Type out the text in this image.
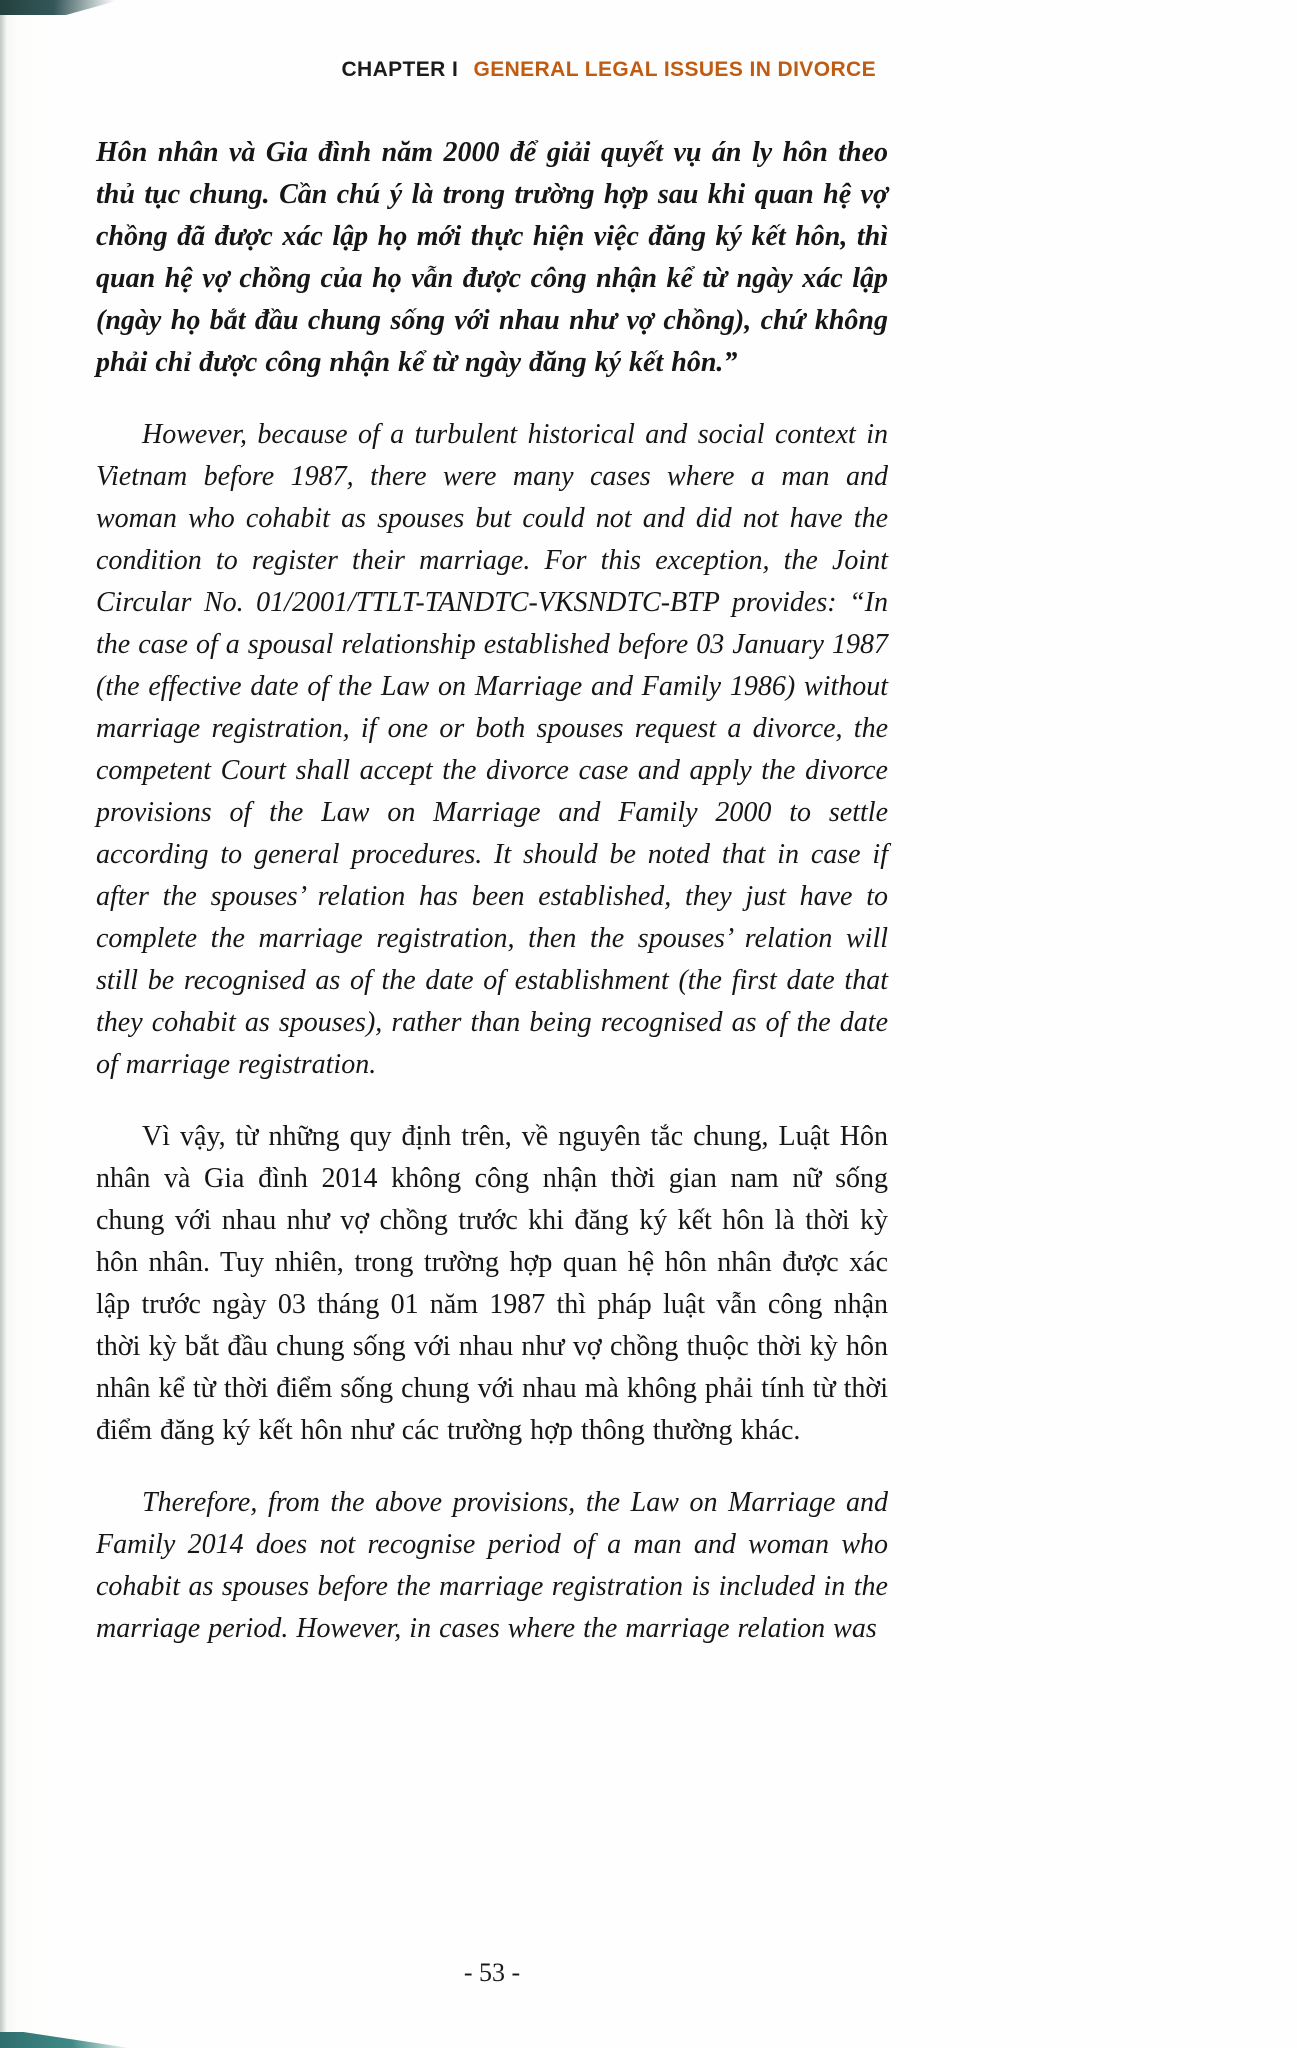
CHAPTER I GENERAL LEGAL ISSUES IN DIVORCE

Hôn nhân và Gia đình năm 2000 để giải quyết vụ án ly hôn theo thủ tục chung. Cần chú ý là trong trường hợp sau khi quan hệ vợ chồng đã được xác lập họ mới thực hiện việc đăng ký kết hôn, thì quan hệ vợ chồng của họ vẫn được công nhận kể từ ngày xác lập (ngày họ bắt đầu chung sống với nhau như vợ chồng), chứ không phải chỉ được công nhận kể từ ngày đăng ký kết hôn.”

However, because of a turbulent historical and social context in Vietnam before 1987, there were many cases where a man and woman who cohabit as spouses but could not and did not have the condition to register their marriage. For this exception, the Joint Circular No. 01/2001/TTLT-TANDTC-VKSNDTC-BTP provides: “In the case of a spousal relationship established before 03 January 1987 (the effective date of the Law on Marriage and Family 1986) without marriage registration, if one or both spouses request a divorce, the competent Court shall accept the divorce case and apply the divorce provisions of the Law on Marriage and Family 2000 to settle according to general procedures. It should be noted that in case if after the spouses’ relation has been established, they just have to complete the marriage registration, then the spouses’ relation will still be recognised as of the date of establishment (the first date that they cohabit as spouses), rather than being recognised as of the date of marriage registration.

Vì vậy, từ những quy định trên, về nguyên tắc chung, Luật Hôn nhân và Gia đình 2014 không công nhận thời gian nam nữ sống chung với nhau như vợ chồng trước khi đăng ký kết hôn là thời kỳ hôn nhân. Tuy nhiên, trong trường hợp quan hệ hôn nhân được xác lập trước ngày 03 tháng 01 năm 1987 thì pháp luật vẫn công nhận thời kỳ bắt đầu chung sống với nhau như vợ chồng thuộc thời kỳ hôn nhân kể từ thời điểm sống chung với nhau mà không phải tính từ thời điểm đăng ký kết hôn như các trường hợp thông thường khác.

Therefore, from the above provisions, the Law on Marriage and Family 2014 does not recognise period of a man and woman who cohabit as spouses before the marriage registration is included in the marriage period. However, in cases where the marriage relation was

- 53 -
